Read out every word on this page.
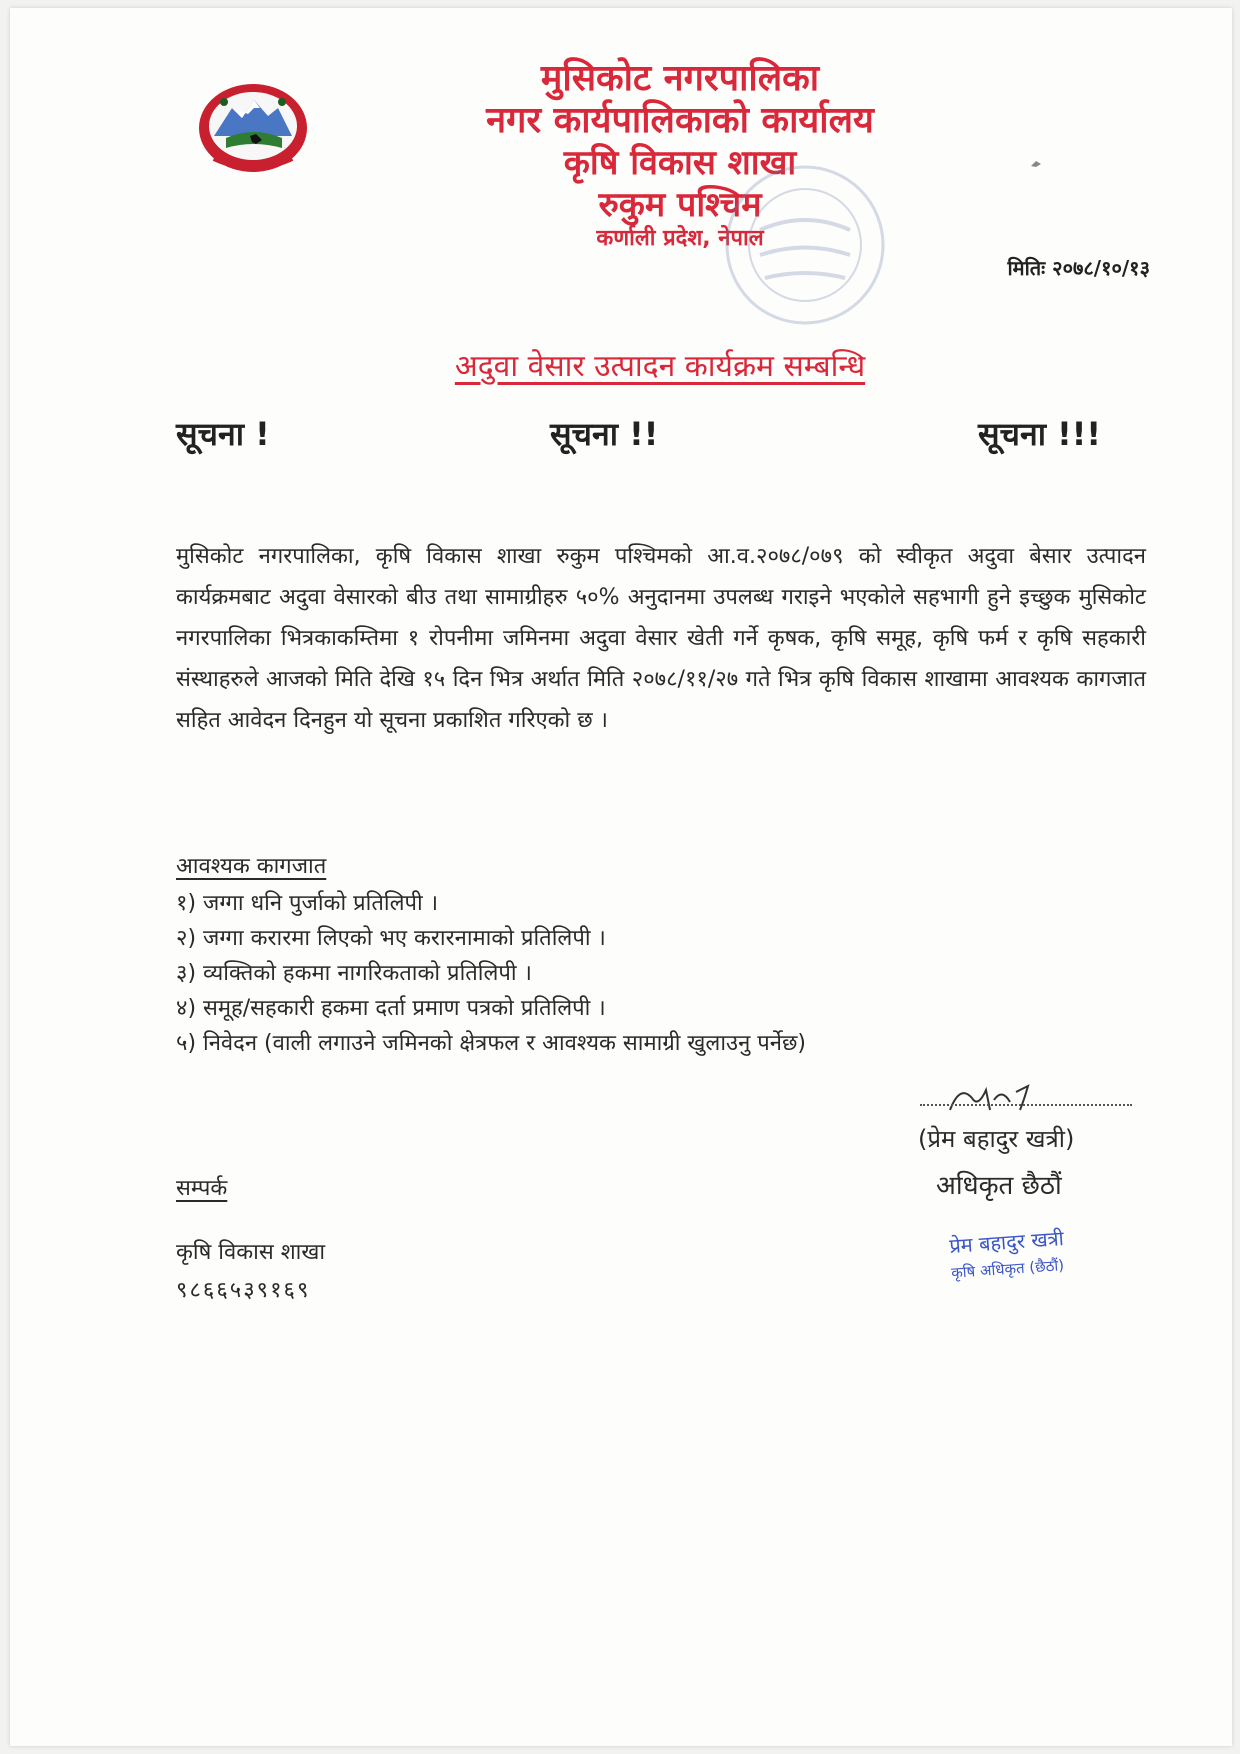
मुसिकोट नगरपालिका
नगर कार्यपालिकाको कार्यालय
कृषि विकास शाखा
रुकुम पश्चिम
कर्णाली प्रदेश, नेपाल
मितिः २०७८/१०/१३
अदुवा वेसार उत्पादन कार्यक्रम सम्बन्धि
सूचना !	सूचना !!	सूचना !!!
मुसिकोट नगरपालिका, कृषि विकास शाखा रुकुम पश्चिमको आ.व.२०७८/०७९ को स्वीकृत अदुवा बेसार उत्पादन कार्यक्रमबाट अदुवा वेसारको बीउ तथा सामाग्रीहरु ५०% अनुदानमा उपलब्ध गराइने भएकोले सहभागी हुने इच्छुक मुसिकोट नगरपालिका भित्रकाकम्तिमा १ रोपनीमा जमिनमा अदुवा वेसार खेती गर्ने कृषक, कृषि समूह, कृषि फर्म र कृषि सहकारी संस्थाहरुले आजको मिति देखि १५ दिन भित्र अर्थात मिति २०७८/११/२७ गते भित्र कृषि विकास शाखामा आवश्यक कागजात सहित आवेदन दिनहुन यो सूचना प्रकाशित गरिएको छ ।
आवश्यक कागजात
१) जग्गा धनि पुर्जाको प्रतिलिपी ।
२) जग्गा करारमा लिएको भए करारनामाको प्रतिलिपी ।
३) व्यक्तिको हकमा नागरिकताको प्रतिलिपी ।
४) समूह/सहकारी हकमा दर्ता प्रमाण पत्रको प्रतिलिपी ।
५) निवेदन (वाली लगाउने जमिनको क्षेत्रफल र आवश्यक सामाग्री खुलाउनु पर्नेछ)
(प्रेम बहादुर खत्री)
अधिकृत छैठौं
प्रेम बहादुर खत्री
कृषि अधिकृत (छैठौं)
सम्पर्क
कृषि विकास शाखा
९८६६५३९१६९
